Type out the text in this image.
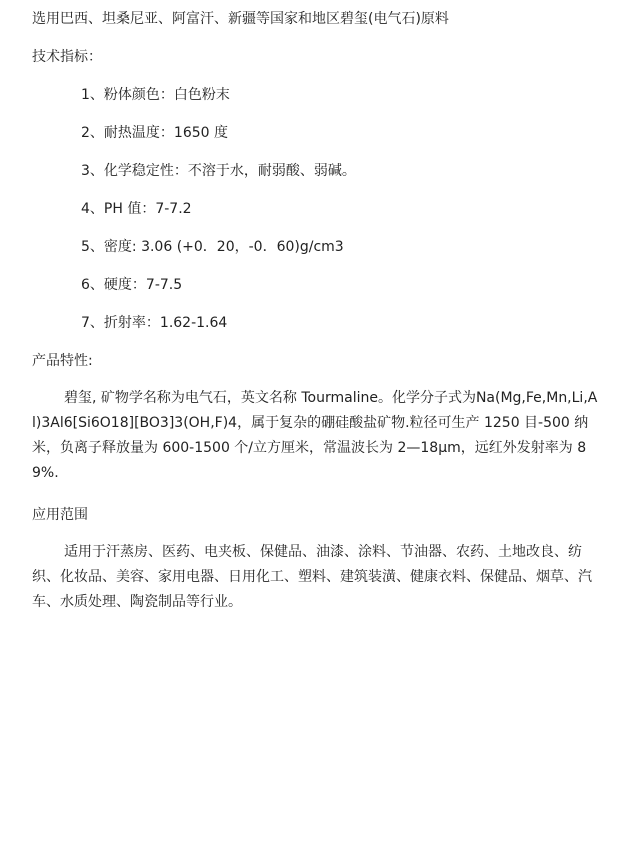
选用巴西、坦桑尼亚、阿富汗、新疆等国家和地区碧玺(电气石)原料

技术指标：

1、粉体颜色：白色粉末
2、耐热温度：1650 度
3、化学稳定性：不溶于水，耐弱酸、弱碱。
4、PH 值：7-7.2
5、密度: 3.06 (+0．20，-0．60)g/cm3
6、硬度：7-7.5
7、折射率：1.62-1.64

产品特性:

碧玺, 矿物学名称为电气石，英文名称 Tourmaline。化学分子式为Na(Mg,Fe,Mn,Li,Al)3Al6[Si6O18][BO3]3(OH,F)4，属于复杂的硼硅酸盐矿物.粒径可生产 1250 目-500 纳米，负离子释放量为 600-1500 个/立方厘米，常温波长为 2—18μm，远红外发射率为 89%.

应用范围

适用于汗蒸房、医药、电夹板、保健品、油漆、涂料、节油器、农药、土地改良、纺织、化妆品、美容、家用电器、日用化工、塑料、建筑装潢、健康衣料、保健品、烟草、汽车、水质处理、陶瓷制品等行业。
